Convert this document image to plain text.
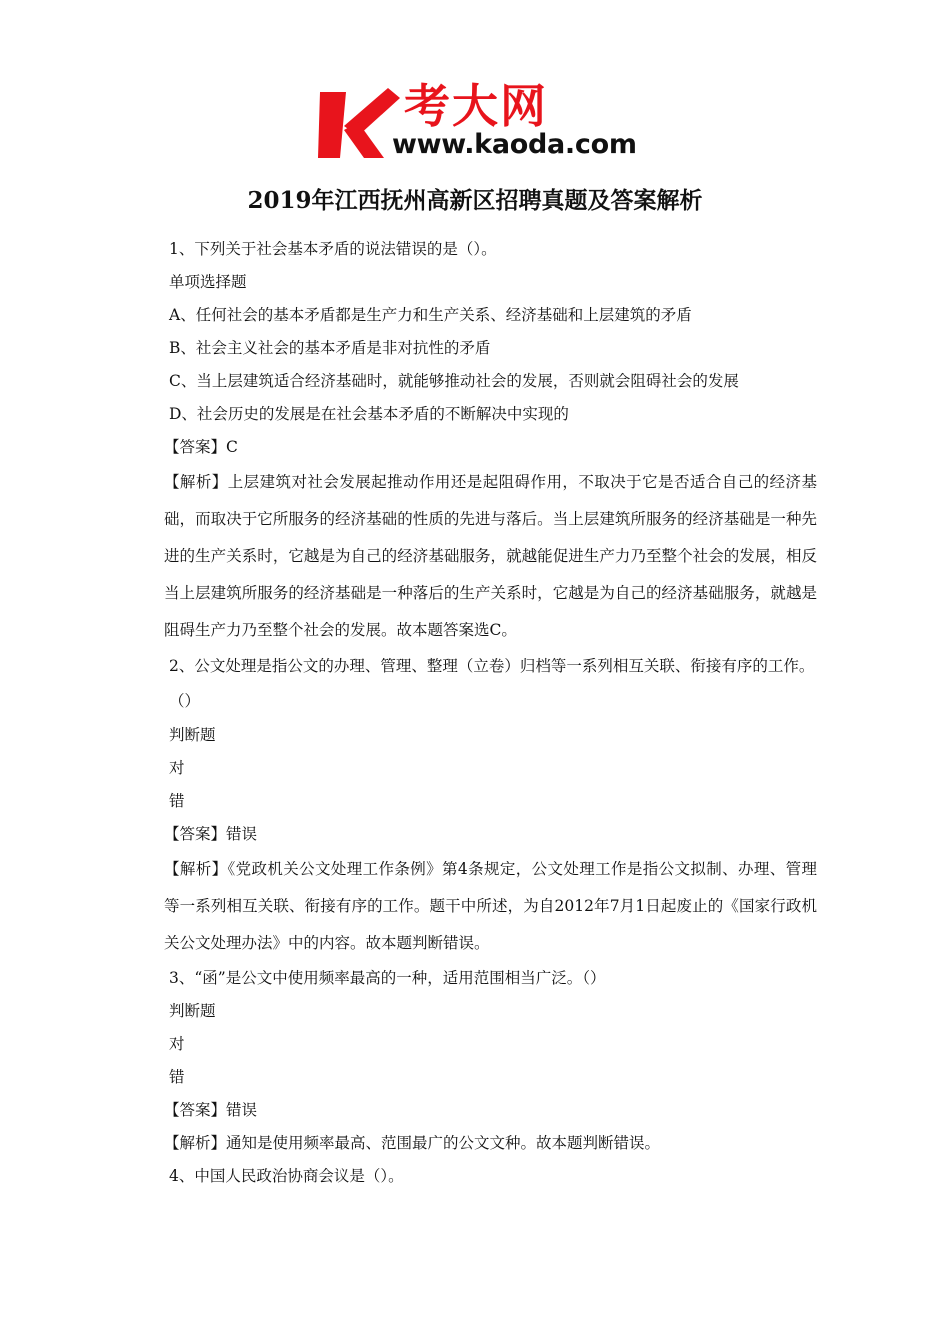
考大网
www.kaoda.com
2019年江西抚州高新区招聘真题及答案解析

1、下列关于社会基本矛盾的说法错误的是（）。

单项选择题

A、任何社会的基本矛盾都是生产力和生产关系、经济基础和上层建筑的矛盾

B、社会主义社会的基本矛盾是非对抗性的矛盾

C、当上层建筑适合经济基础时，就能够推动社会的发展，否则就会阻碍社会的发展

D、社会历史的发展是在社会基本矛盾的不断解决中实现的

【答案】C

【解析】上层建筑对社会发展起推动作用还是起阻碍作用，不取决于它是否适合自己的经济基础，而取决于它所服务的经济基础的性质的先进与落后。当上层建筑所服务的经济基础是一种先进的生产关系时，它越是为自己的经济基础服务，就越能促进生产力乃至整个社会的发展，相反当上层建筑所服务的经济基础是一种落后的生产关系时，它越是为自己的经济基础服务，就越是阻碍生产力乃至整个社会的发展。故本题答案选C。

2、公文处理是指公文的办理、管理、整理（立卷）归档等一系列相互关联、衔接有序的工作。（）

判断题

对

错

【答案】错误

【解析】《党政机关公文处理工作条例》第4条规定，公文处理工作是指公文拟制、办理、管理等一系列相互关联、衔接有序的工作。题干中所述，为自2012年7月1日起废止的《国家行政机关公文处理办法》中的内容。故本题判断错误。

3、“函”是公文中使用频率最高的一种，适用范围相当广泛。（）

判断题

对

错

【答案】错误

【解析】通知是使用频率最高、范围最广的公文文种。故本题判断错误。

4、中国人民政治协商会议是（）。
